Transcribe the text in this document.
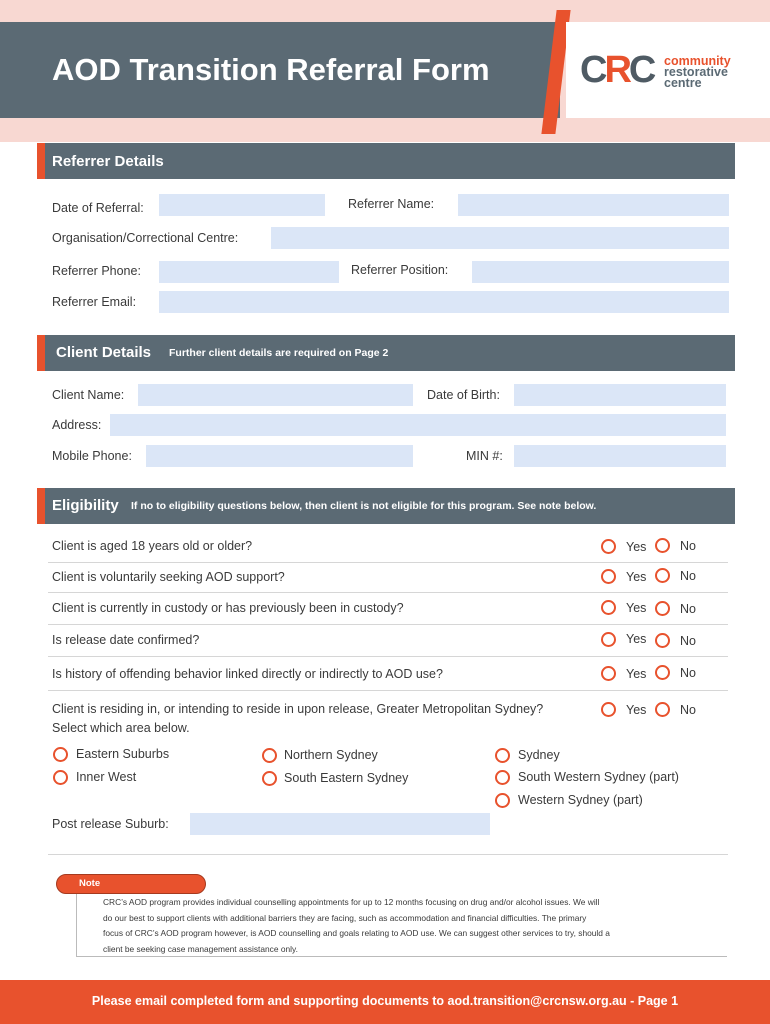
AOD Transition Referral Form CRC community
restorative
centre
Referrer Details
Date of Referral:	Referrer Name:
Organisation/Correctional Centre:
Referrer Phone:	Referrer Position:
Referrer Email:
Client Details Further client details are required on Page 2
Client Name:	Date of Birth:
Address:
Mobile Phone:	MIN #:
Eligibility If no to eligibility questions below, then client is not eligible for this program. See note below.
Client is aged 18 years old or older?	Yes	No
Client is voluntarily seeking AOD support?	Yes	No
Client is currently in custody or has previously been in custody?	Yes	No
Is release date confirmed?	Yes	No
Is history of offending behavior linked directly or indirectly to AOD use?	Yes	No
Client is residing in, or intending to reside in upon release, Greater Metropolitan Sydney?
Select which area below.
Yes	No
Eastern Suburbs
Inner West
Northern Sydney
South Eastern Sydney
Sydney
South Western Sydney (part)
Western Sydney (part)
Post release Suburb:
Note
CRC’s AOD program provides individual counselling appointments for up to 12 months focusing on drug and/or alcohol issues. We will
do our best to support clients with additional barriers they are facing, such as accommodation and financial difficulties. The primary
focus of CRC’s AOD program however, is AOD counselling and goals relating to AOD use. We can suggest other services to try, should a
client be seeking case management assistance only.
Please email completed form and supporting documents to aod.transition@crcnsw.org.au - Page 1
